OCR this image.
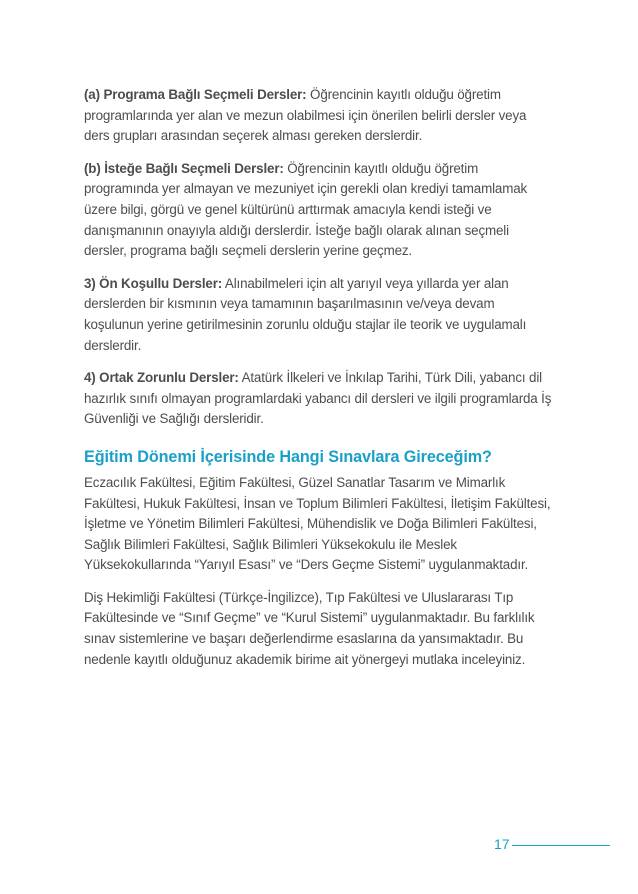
(a) Programa Bağlı Seçmeli Dersler: Öğrencinin kayıtlı olduğu öğretim programlarında yer alan ve mezun olabilmesi için önerilen belirli dersler veya ders grupları arasından seçerek alması gereken derslerdir.

(b) İsteğe Bağlı Seçmeli Dersler: Öğrencinin kayıtlı olduğu öğretim programında yer almayan ve mezuniyet için gerekli olan krediyi tamamlamak üzere bilgi, görgü ve genel kültürünü arttırmak amacıyla kendi isteği ve danışmanının onayıyla aldığı derslerdir. İsteğe bağlı olarak alınan seçmeli dersler, programa bağlı seçmeli derslerin yerine geçmez.

3) Ön Koşullu Dersler: Alınabilmeleri için alt yarıyıl veya yıllarda yer alan derslerden bir kısmının veya tamamının başarılmasının ve/veya devam koşulunun yerine getirilmesinin zorunlu olduğu stajlar ile teorik ve uygulamalı derslerdir.

4) Ortak Zorunlu Dersler: Atatürk İlkeleri ve İnkılap Tarihi, Türk Dili, yabancı dil hazırlık sınıfı olmayan programlardaki yabancı dil dersleri ve ilgili programlarda İş Güvenliği ve Sağlığı dersleridir.

Eğitim Dönemi İçerisinde Hangi Sınavlara Gireceğim?

Eczacılık Fakültesi, Eğitim Fakültesi, Güzel Sanatlar Tasarım ve Mimarlık Fakültesi, Hukuk Fakültesi, İnsan ve Toplum Bilimleri Fakültesi, İletişim Fakültesi, İşletme ve Yönetim Bilimleri Fakültesi, Mühendislik ve Doğa Bilimleri Fakültesi, Sağlık Bilimleri Fakültesi, Sağlık Bilimleri Yüksekokulu ile Meslek Yüksekokullarında “Yarıyıl Esası” ve “Ders Geçme Sistemi” uygulanmaktadır.

Diş Hekimliği Fakültesi (Türkçe-İngilizce), Tıp Fakültesi ve Uluslararası Tıp Fakültesinde ve “Sınıf Geçme” ve “Kurul Sistemi” uygulanmaktadır. Bu farklılık sınav sistemlerine ve başarı değerlendirme esaslarına da yansımaktadır. Bu nedenle kayıtlı olduğunuz akademik birime ait yönergeyi mutlaka inceleyiniz.

17
